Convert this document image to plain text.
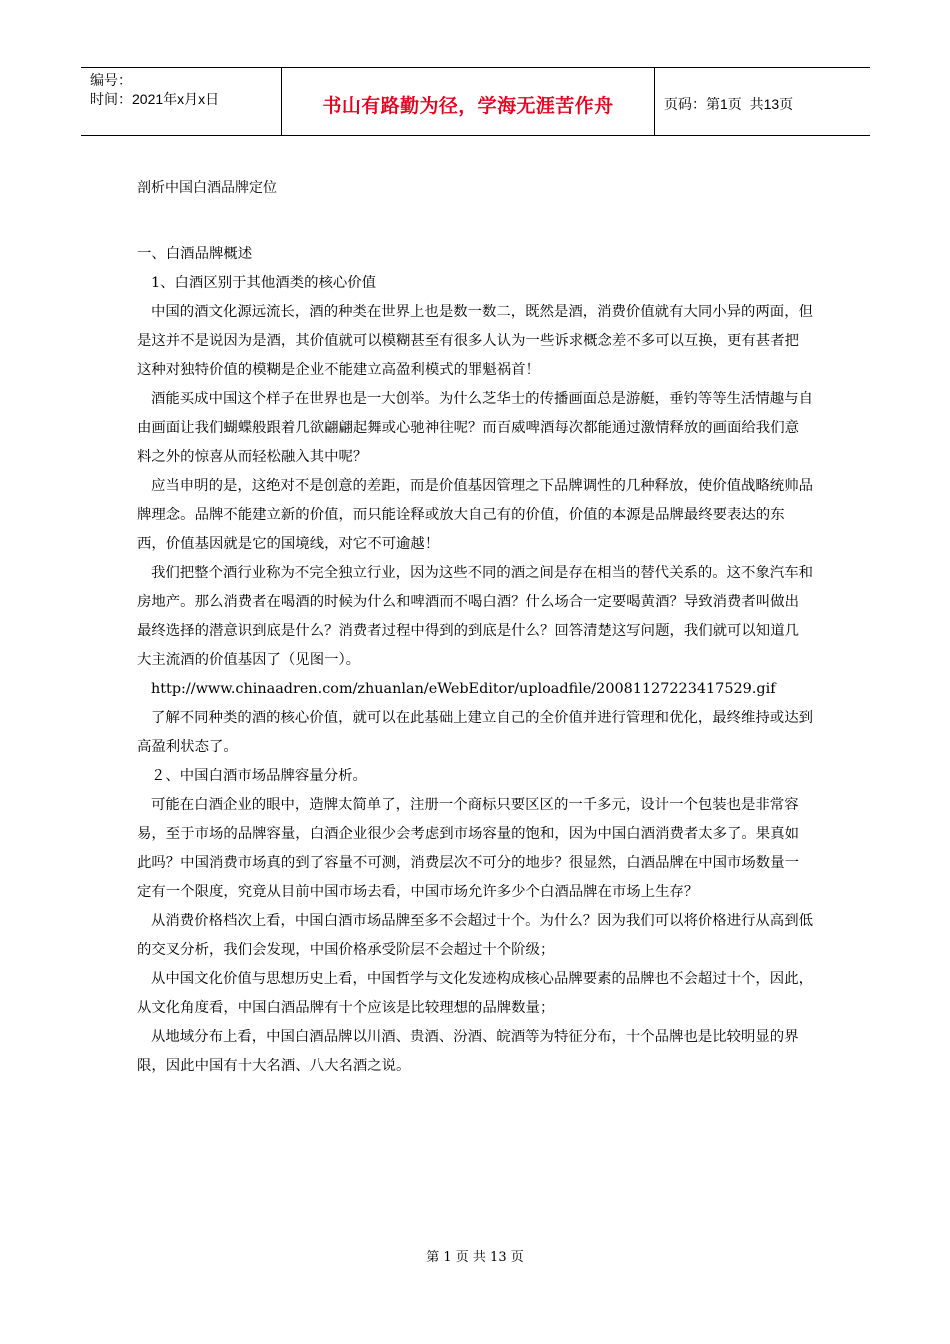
编号：
时间：2021年x月x日	书山有路勤为径，学海无涯苦作舟	页码：第1页  共13页
剖析中国白酒品牌定位

一、白酒品牌概述

1、白酒区别于其他酒类的核心价值

中国的酒文化源远流长，酒的种类在世界上也是数一数二，既然是酒，消费价值就有大同小异的两面，但是这并不是说因为是酒，其价值就可以模糊甚至有很多人认为一些诉求概念差不多可以互换，更有甚者把这种对独特价值的模糊是企业不能建立高盈利模式的罪魁祸首！

酒能买成中国这个样子在世界也是一大创举。为什么芝华士的传播画面总是游艇，垂钓等等生活情趣与自由画面让我们蝴蝶般跟着几欲翩翩起舞或心驰神往呢？而百威啤酒每次都能通过激情释放的画面给我们意料之外的惊喜从而轻松融入其中呢？

应当申明的是，这绝对不是创意的差距，而是价值基因管理之下品牌调性的几种释放，使价值战略统帅品牌理念。品牌不能建立新的价值，而只能诠释或放大自己有的价值，价值的本源是品牌最终要表达的东西，价值基因就是它的国境线，对它不可逾越！

我们把整个酒行业称为不完全独立行业，因为这些不同的酒之间是存在相当的替代关系的。这不象汽车和房地产。那么消费者在喝酒的时候为什么和啤酒而不喝白酒？什么场合一定要喝黄酒？导致消费者叫做出最终选择的潜意识到底是什么？消费者过程中得到的到底是什么？回答清楚这写问题，我们就可以知道几大主流酒的价值基因了（见图一）。

http://www.chinaadren.com/zhuanlan/eWebEditor/uploadfile/20081127223417529.gif

了解不同种类的酒的核心价值，就可以在此基础上建立自己的全价值并进行管理和优化，最终维持或达到高盈利状态了。

２、中国白酒市场品牌容量分析。

可能在白酒企业的眼中，造牌太简单了，注册一个商标只要区区的一千多元，设计一个包装也是非常容易，至于市场的品牌容量，白酒企业很少会考虑到市场容量的饱和，因为中国白酒消费者太多了。果真如此吗？中国消费市场真的到了容量不可测，消费层次不可分的地步？很显然，白酒品牌在中国市场数量一定有一个限度，究竟从目前中国市场去看，中国市场允许多少个白酒品牌在市场上生存？

从消费价格档次上看，中国白酒市场品牌至多不会超过十个。为什么？因为我们可以将价格进行从高到低的交叉分析，我们会发现，中国价格承受阶层不会超过十个阶级；

从中国文化价值与思想历史上看，中国哲学与文化发迹构成核心品牌要素的品牌也不会超过十个，因此，从文化角度看，中国白酒品牌有十个应该是比较理想的品牌数量；

从地域分布上看，中国白酒品牌以川酒、贵酒、汾酒、皖酒等为特征分布，十个品牌也是比较明显的界限，因此中国有十大名酒、八大名酒之说。

第 1 页 共 13 页
